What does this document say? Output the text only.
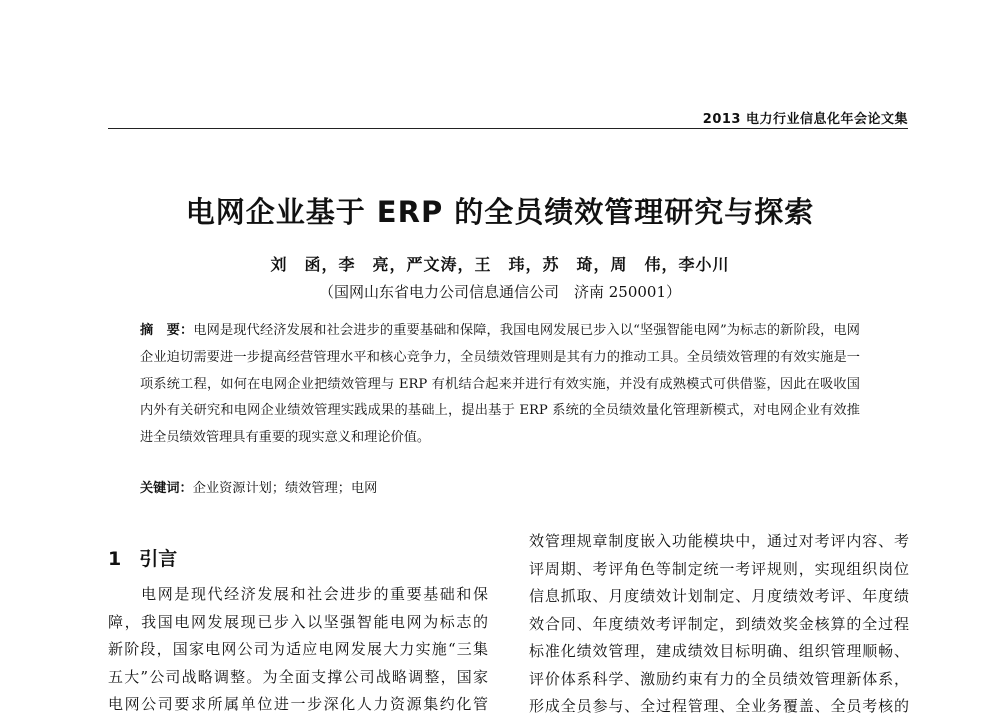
2013 电力行业信息化年会论文集
电网企业基于 ERP 的全员绩效管理研究与探索
刘　函，李　亮，严文涛，王　玮，苏　琦，周　伟，李小川
（国网山东省电力公司信息通信公司　济南 250001）

摘　要：电网是现代经济发展和社会进步的重要基础和保障，我国电网发展已步入以“坚强智能电网”为标志的新阶段，电网企业迫切需要进一步提高经营管理水平和核心竞争力，全员绩效管理则是其有力的推动工具。全员绩效管理的有效实施是一项系统工程，如何在电网企业把绩效管理与 ERP 有机结合起来并进行有效实施，并没有成熟模式可供借鉴，因此在吸收国内外有关研究和电网企业绩效管理实践成果的基础上，提出基于 ERP 系统的全员绩效量化管理新模式，对电网企业有效推进全员绩效管理具有重要的现实意义和理论价值。

关键词：企业资源计划；绩效管理；电网
1 引言
　　电网是现代经济发展和社会进步的重要基础和保
障，我国电网发展现已步入以坚强智能电网为标志的
新阶段，国家电网公司为适应电网发展大力实施“三集
五大”公司战略调整。为全面支撑公司战略调整，国家
电网公司要求所属单位进一步深化人力资源集约化管
效管理规章制度嵌入功能模块中，通过对考评内容、考
评周期、考评角色等制定统一考评规则，实现组织岗位
信息抓取、月度绩效计划制定、月度绩效考评、年度绩
效合同、年度绩效考评制定，到绩效奖金核算的全过程
标准化绩效管理，建成绩效目标明确、组织管理顺畅、
评价体系科学、激励约束有力的全员绩效管理新体系，
形成全员参与、全过程管理、全业务覆盖、全员考核的
